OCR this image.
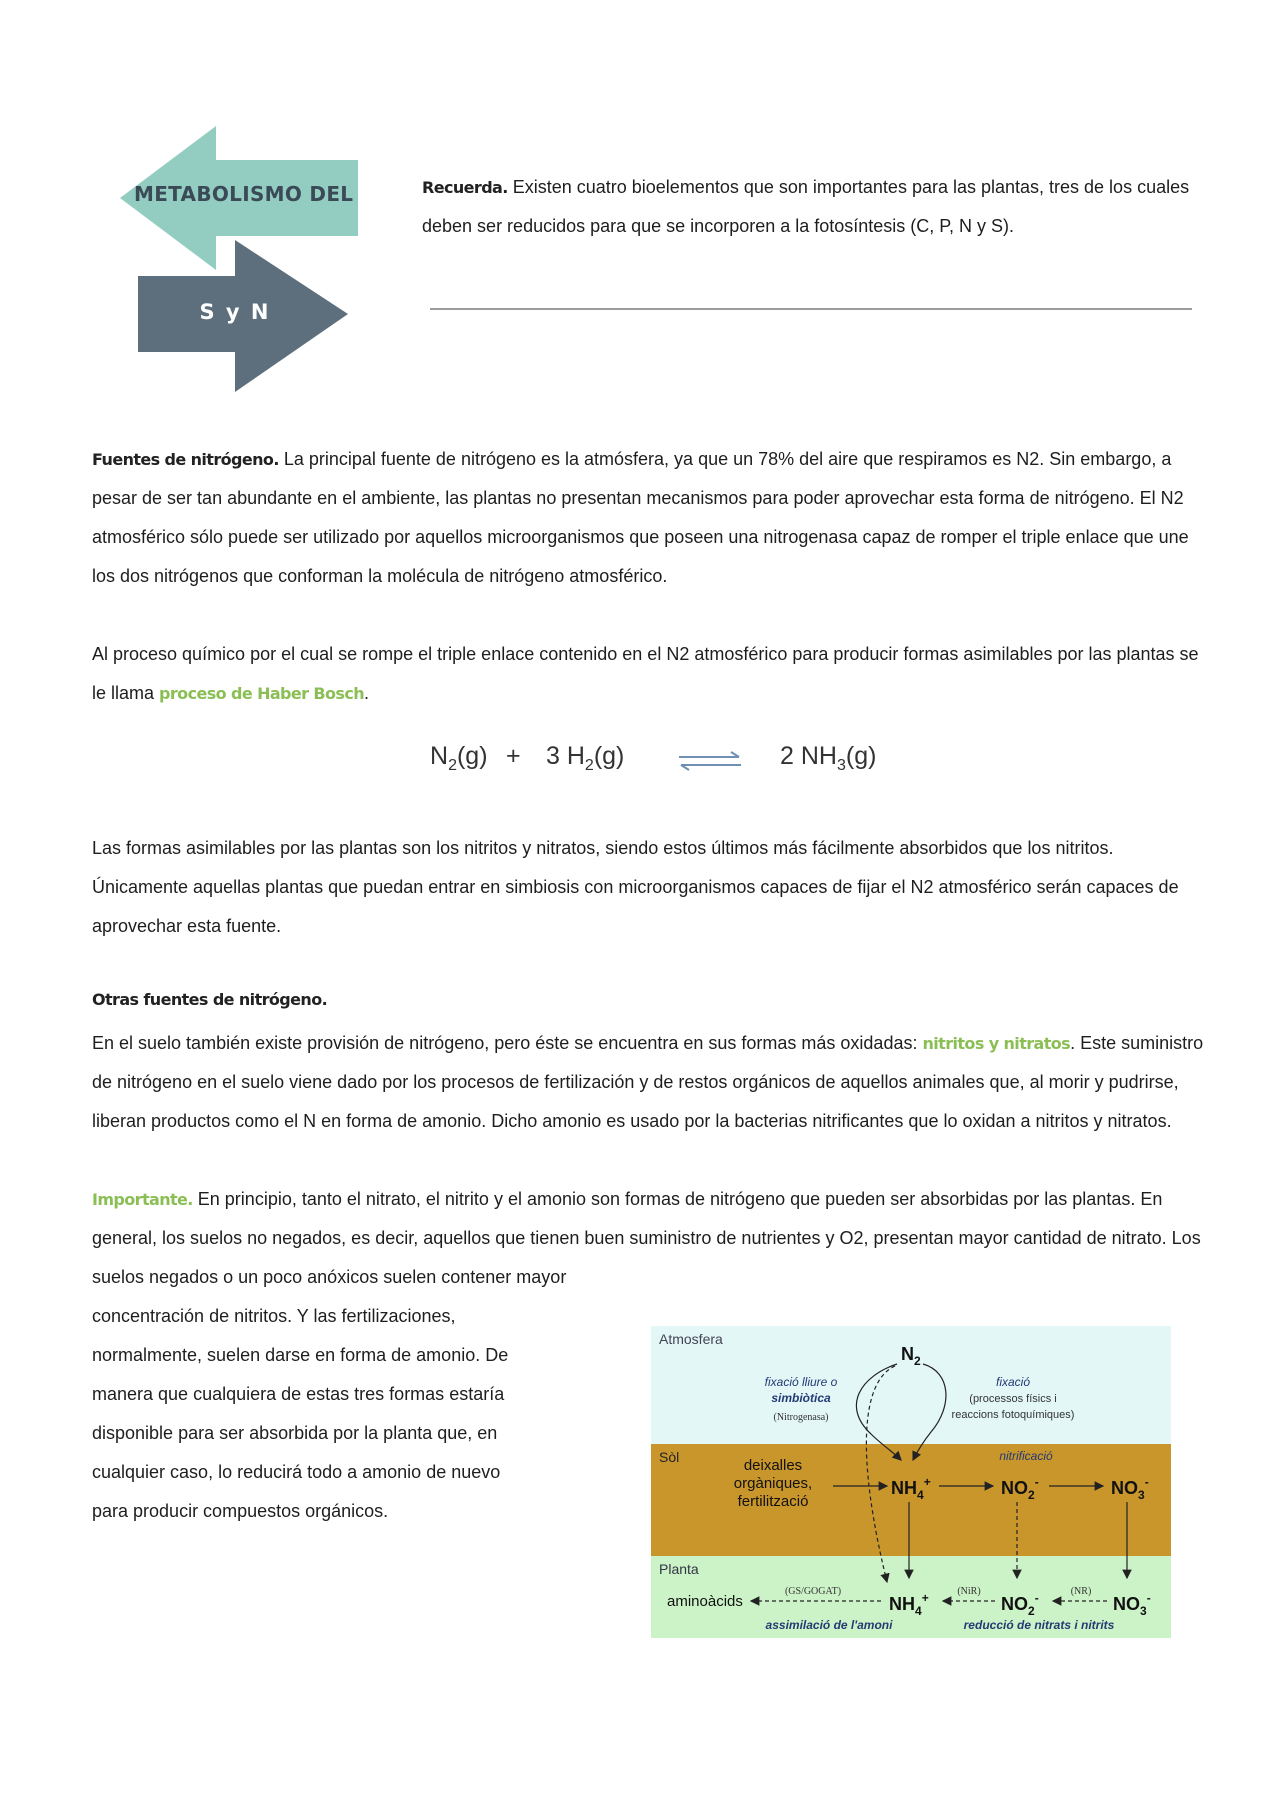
METABOLISMO DEL
S y N
Recuerda. Existen cuatro bioelementos que son importantes para las plantas, tres de los cuales deben ser reducidos para que se incorporen a la fotosíntesis (C, P, N y S).

Fuentes de nitrógeno. La principal fuente de nitrógeno es la atmósfera, ya que un 78% del aire que respiramos es N2. Sin embargo, a pesar de ser tan abundante en el ambiente, las plantas no presentan mecanismos para poder aprovechar esta forma de nitrógeno. El N2 atmosférico sólo puede ser utilizado por aquellos microorganismos que poseen una nitrogenasa capaz de romper el triple enlace que une los dos nitrógenos que conforman la molécula de nitrógeno atmosférico.

Al proceso químico por el cual se rompe el triple enlace contenido en el N2 atmosférico para producir formas asimilables por las plantas se le llama proceso de Haber Bosch.

$N_2(g) + 3$ $H_2(g)$ ⇌ 2 $NH_3(g)$

Las formas asimilables por las plantas son los nitritos y nitratos, siendo estos últimos más fácilmente absorbidos que los nitritos. Únicamente aquellas plantas que puedan entrar en simbiosis con microorganismos capaces de fijar el N2 atmosférico serán capaces de aprovechar esta fuente.

Otras fuentes de nitrógeno.

En el suelo también existe provisión de nitrógeno, pero éste se encuentra en sus formas más oxidadas: nitritos y nitratos. Este suministro de nitrógeno en el suelo viene dado por los procesos de fertilización y de restos orgánicos de aquellos animales que, al morir y pudrirse, liberan productos como el N en forma de amonio. Dicho amonio es usado por la bacterias nitrificantes que lo oxidan a nitritos y nitratos.

Importante. En principio, tanto el nitrato, el nitrito y el amonio son formas de nitrógeno que pueden ser absorbidas por las plantas. En general, los suelos no negados, es decir, aquellos que tienen buen suministro de nutrientes y O2, presentan mayor cantidad de nitrato. Los suelos negados o un poco anóxicos suelen contener mayor

concentración de nitritos. Y las fertilizaciones,
normalmente, suelen darse en forma de amonio. De
manera que cualquiera de estas tres formas estaría
disponible para ser absorbida por la planta que, en
cualquier caso, lo reducirá todo a amonio de nuevo
para producir compuestos orgánicos.
Atmosfera
Sòl
Planta
$N_2$
fixació lliure o
simbiòtica
(Nitrogenasa)
fixació
(processos físics i
reaccions fotoquímiques)
deixalles
orgàniques,
fertilització
nitrificació
$NH_4^+$	$NO_2^-$	$NO_3^-$
aminoàcids
(GS/GOGAT)
$NH_4^+$	(NiR)
$NO_2^-$	(NR)
$NO_3^-$
assimilació de l'amoni	reducció de nitrats i nitrits
